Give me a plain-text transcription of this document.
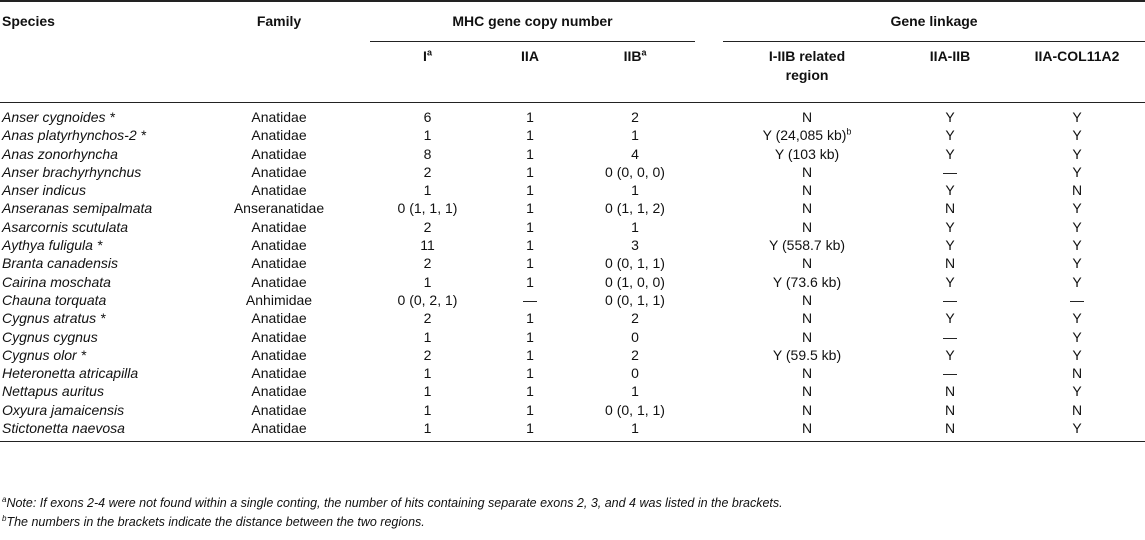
Species	Family		MHC gene copy number					Gene linkage		
			$I^a$	IIA	IIB$^a$			I-IIB related
region	IIA-IIB	IIA-COL11A2
Anser cygnoides *	Anatidae		6	1	2			N	Y	Y
Anas platyrhynchos-2 *	Anatidae		1	1	1			Y (24,085 kb)$^b$	Y	Y
Anas zonorhyncha	Anatidae		8	1	4			Y (103 kb)	Y	Y
Anser brachyrhynchus	Anatidae		2	1	0 (0, 0, 0)			N	—	Y
Anser indicus	Anatidae		1	1	1			N	Y	N
Anseranas semipalmata	Anseranatidae		0 (1, 1, 1)	1	0 (1, 1, 2)			N	N	Y
Asarcornis scutulata	Anatidae		2	1	1			N	Y	Y
Aythya fuligula *	Anatidae		11	1	3			Y (558.7 kb)	Y	Y
Branta canadensis	Anatidae		2	1	0 (0, 1, 1)			N	N	Y
Cairina moschata	Anatidae		1	1	0 (1, 0, 0)			Y (73.6 kb)	Y	Y
Chauna torquata	Anhimidae		0 (0, 2, 1)	—	0 (0, 1, 1)			N	—	—
Cygnus atratus *	Anatidae		2	1	2			N	Y	Y
Cygnus cygnus	Anatidae		1	1	0			N	—	Y
Cygnus olor *	Anatidae		2	1	2			Y (59.5 kb)	Y	Y
Heteronetta atricapilla	Anatidae		1	1	0			N	—	N
Nettapus auritus	Anatidae		1	1	1			N	N	Y
Oxyura jamaicensis	Anatidae		1	1	0 (0, 1, 1)			N	N	N
Stictonetta naevosa	Anatidae		1	1	1			N	N	Y
$^a$Note: If exons 2-4 were not found within a single conting, the number of hits containing separate exons 2, 3, and 4 was listed in the brackets.
$^b$The numbers in the brackets indicate the distance between the two regions.
